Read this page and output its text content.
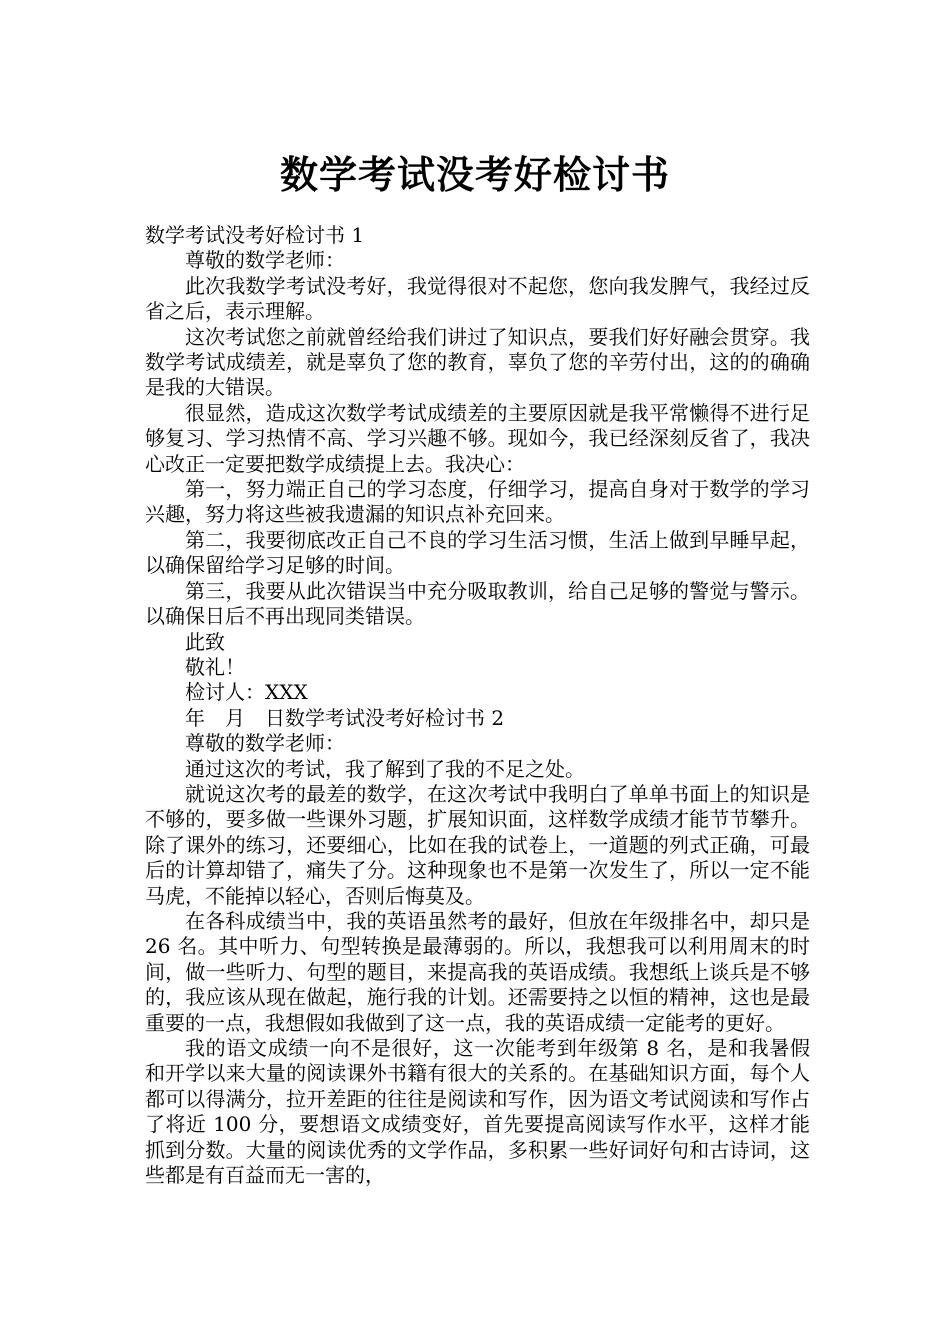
数学考试没考好检讨书

数学考试没考好检讨书 1

尊敬的数学老师：

此次我数学考试没考好，我觉得很对不起您，您向我发脾气，我经过反省之后，表示理解。

这次考试您之前就曾经给我们讲过了知识点，要我们好好融会贯穿。我数学考试成绩差，就是辜负了您的教育，辜负了您的辛劳付出，这的的确确是我的大错误。

很显然，造成这次数学考试成绩差的主要原因就是我平常懒得不进行足够复习、学习热情不高、学习兴趣不够。现如今，我已经深刻反省了，我决心改正一定要把数学成绩提上去。我决心：

第一，努力端正自己的学习态度，仔细学习，提高自身对于数学的学习兴趣，努力将这些被我遗漏的知识点补充回来。

第二，我要彻底改正自己不良的学习生活习惯，生活上做到早睡早起，以确保留给学习足够的时间。

第三，我要从此次错误当中充分吸取教训，给自己足够的警觉与警示。以确保日后不再出现同类错误。

此致

敬礼！

检讨人：XXX

年　月　日数学考试没考好检讨书 2

尊敬的数学老师：

通过这次的考试，我了解到了我的不足之处。

就说这次考的最差的数学，在这次考试中我明白了单单书面上的知识是不够的，要多做一些课外习题，扩展知识面，这样数学成绩才能节节攀升。除了课外的练习，还要细心，比如在我的试卷上，一道题的列式正确，可最后的计算却错了，痛失了分。这种现象也不是第一次发生了，所以一定不能马虎，不能掉以轻心，否则后悔莫及。

在各科成绩当中，我的英语虽然考的最好，但放在年级排名中，却只是 26 名。其中听力、句型转换是最薄弱的。所以，我想我可以利用周末的时间，做一些听力、句型的题目，来提高我的英语成绩。我想纸上谈兵是不够的，我应该从现在做起，施行我的计划。还需要持之以恒的精神，这也是最重要的一点，我想假如我做到了这一点，我的英语成绩一定能考的更好。

我的语文成绩一向不是很好，这一次能考到年级第 8 名，是和我暑假和开学以来大量的阅读课外书籍有很大的关系的。在基础知识方面，每个人都可以得满分，拉开差距的往往是阅读和写作，因为语文考试阅读和写作占了将近 100 分，要想语文成绩变好，首先要提高阅读写作水平，这样才能抓到分数。大量的阅读优秀的文学作品，多积累一些好词好句和古诗词，这些都是有百益而无一害的，
